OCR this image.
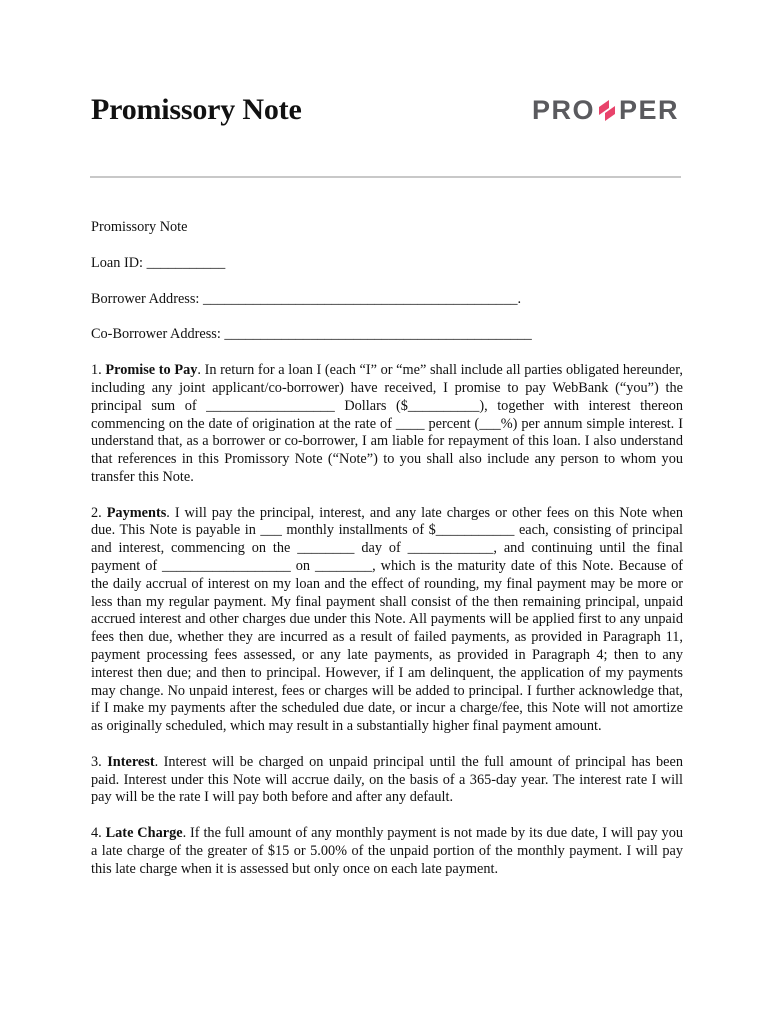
Promissory Note	PRO PER

Promissory Note

Loan ID: ___________

Borrower Address: ____________________________________________.

Co-Borrower Address: ___________________________________________

1. Promise to Pay. In return for a loan I (each “I” or “me” shall include all parties obligated hereunder, including any joint applicant/co-borrower) have received, I promise to pay WebBank (“you”) the principal sum of __________________ Dollars ($__________), together with interest thereon commencing on the date of origination at the rate of ____ percent (___%) per annum simple interest. I understand that, as a borrower or co-borrower, I am liable for repayment of this loan. I also understand that references in this Promissory Note (“Note”) to you shall also include any person to whom you transfer this Note.

2. Payments. I will pay the principal, interest, and any late charges or other fees on this Note when due. This Note is payable in ___ monthly installments of $___________ each, consisting of principal and interest, commencing on the ________ day of ____________, and continuing until the final payment of __________________ on ________, which is the maturity date of this Note. Because of the daily accrual of interest on my loan and the effect of rounding, my final payment may be more or less than my regular payment. My final payment shall consist of the then remaining principal, unpaid accrued interest and other charges due under this Note. All payments will be applied first to any unpaid fees then due, whether they are incurred as a result of failed payments, as provided in Paragraph 11, payment processing fees assessed, or any late payments, as provided in Paragraph 4; then to any interest then due; and then to principal. However, if I am delinquent, the application of my payments may change. No unpaid interest, fees or charges will be added to principal. I further acknowledge that, if I make my payments after the scheduled due date, or incur a charge/fee, this Note will not amortize as originally scheduled, which may result in a substantially higher final payment amount.

3. Interest. Interest will be charged on unpaid principal until the full amount of principal has been paid. Interest under this Note will accrue daily, on the basis of a 365-day year. The interest rate I will pay will be the rate I will pay both before and after any default.

4. Late Charge. If the full amount of any monthly payment is not made by its due date, I will pay you a late charge of the greater of $15 or 5.00% of the unpaid portion of the monthly payment. I will pay this late charge when it is assessed but only once on each late payment.
